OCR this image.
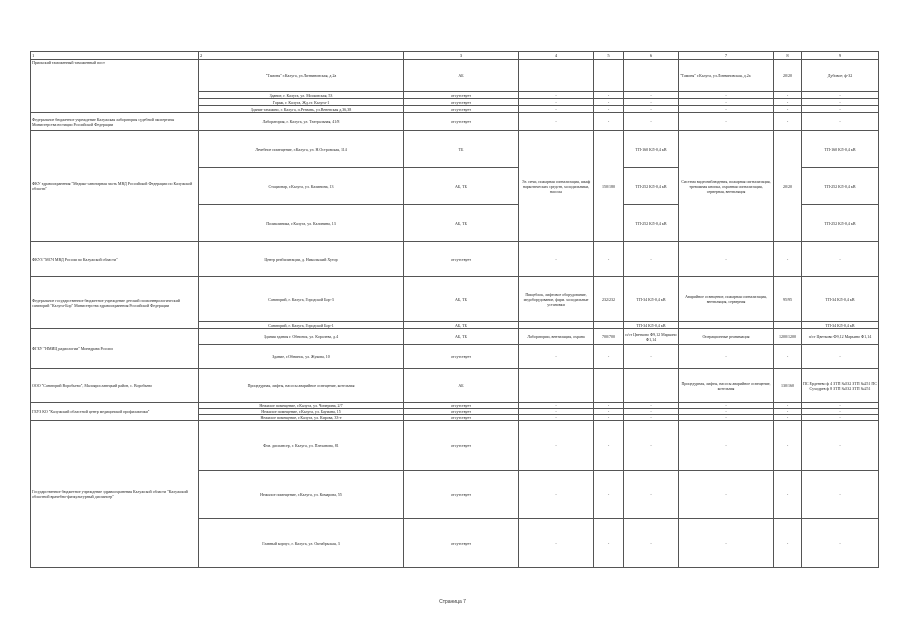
1	2	3	4	5	6	7	8	9
Приокский таможенный таможенный пост	"Тамоня" г.Калуга, ул.Литвиновская, д.2а	АБ				"Тамоня" г.Калуга, ул.Литвиновская, д.2а	20/20	Дубовое; ф-32
	Здание, г. Калуга, ул. Московская, 53	отсутствует	-	-	-	-	-	-
	Гараж, г. Калуга, Жд.ст. Калуга-1	отсутствует	-	-	-	-	-	-
	Здание таможни, г. Калуга, п.Резвань, ул.Веневская д.36,38	отсутствует	-	-	-	-	-	-
Федеральное бюджетное учреждение Калужская лаборатория судебной экспертизы Министерства юстиции Российской Федерации	Лаборатория, г. Калуга, ул. Театральная, 41/8	отсутствует	-	-	-	-	-	-
ФКУ здравоохранения "Медико-санитарная часть МВД Российской Федерации по Калужской области"	Лечебное помещение, г.Калуга, ул. Н.Островская, 114	ТБ	Эл. печи, пожарная сигнализация, шкаф наркотических средств, холодильники, насосы	150/180	ТП-160 КЛ-0,4 кВ	Система видеонаблюдения, пожарная сигнализация, тревожная кнопка, охранная сигнализация, серверная, вентиляция	20/20	ТП-160 КЛ-0,4 кВ
	Стационар, г.Калуга, ул. Калинина, 13	АБ, ТБ			ТП-252 КЛ-0,4 кВ			ТП-252 КЛ-0,4 кВ
	Поликлиника, г.Калуга, ул. Калинина, 13	АБ, ТБ			ТП-252 КЛ-0,4 кВ			ТП-252 КЛ-0,4 кВ
ФКУЗ "МСЧ МВД России по Калужской области"	Центр реабилитации, д. Никольский Хутор	отсутствует	-	-	-	-	-	-
Федеральное государственное бюджетное учреждение детский психоневрологический санаторий "Калуга-Бор" Министерства здравоохранения Российской Федерации	Санаторий, г. Калуга, Городской Бор-3	АБ, ТБ	Пищеблок, лифтовое оборудование, медоборудование, фарм. холодильные установки	232/232	ТП-34 КЛ-0,4 кВ	Аварийное освещение, пожарная сигнализация, вентиляция, серверная	95/95	ТП-34 КЛ-0,4 кВ
	Санаторий, г. Калуга, Городской Бор-1	АБ, ТБ			ТП-34 КЛ-0,4 кВ			ТП-34 КЛ-0,4 кВ
ФГБУ "НМИЦ радиологии" Минздрава России	Здания здания г. Обнинск, ул. Королева, д.4	АБ, ТБ	Лаборатории, вентиляция, охрана	700/700	п/ст Цветково Ф9,12 Марьино Ф1,14	Операционные реанимация	1200/1200	п/ст Цветково Ф9,12 Марьино Ф1,14
	Здание, г.Обнинск, ул. Жукова, 10	отсутствует	-	-	-	-	-	-
ООО "Санаторий Воробьево", Малоярославецкий район, с. Воробьево	Процедурная, лифты, насосы аварийное освещение, котельная	АБ				Процедурная, лифты, насосы аварийное освещение, котельная	130/160	ПС Ерденево ф 4 ЗТП №532 ЗТП №251 ПС Суходрев ф 8 ЗТП №532 ЗТП №251
ГБУЗ КО "Калужский областной центр медицинской профилактики"	Нежилое помещение, г.Калуга, ул. Чичерина, 2/7	отсутствует	-	-	-	-	-	-
	Нежилое помещение, г.Калуга, ул. Баумана, 15	отсутствует	-	-	-	-	-	-
	Нежилое помещение, г.Калуга, ул. Кирова, 33-е	отсутствует	-	-	-	-	-	-
Государственное бюджетное учреждение здравоохранения Калужской области "Калужский областной врачебно-физкультурный диспансер"	Физ. диспансер, г. Калуга, ул. Плеханова, 81	отсутствует	-	-	-	-	-	-
	Нежилое помещение, г.Калуга, ул. Комарова, 55	отсутствует	-	-	-	-	-	-
	Главный корпус, г. Калуга, ул. Октябрьская, 3	отсутствует	-	-	-	-	-	-
Страница 7
